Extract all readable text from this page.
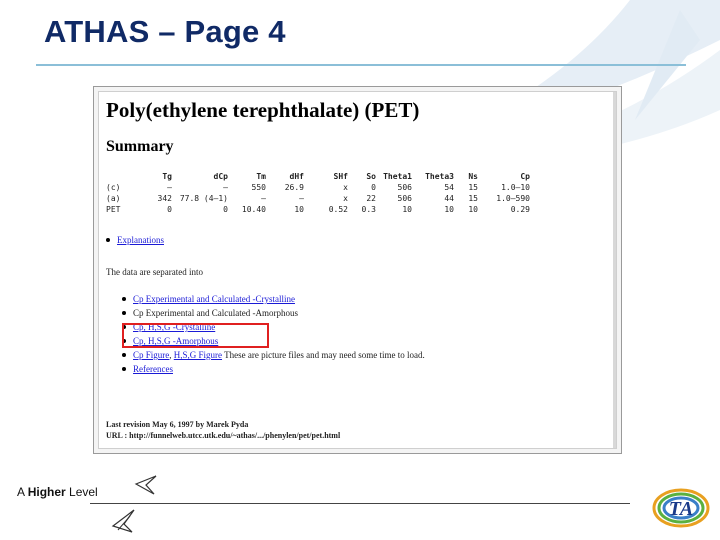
ATHAS – Page 4
Poly(ethylene terephthalate) (PET)
Summary
	Tg	dCp	Tm	dHf	SHf	So	Theta1	Theta3	Ns	Cp
(c)	–	–	550	26.9	x	0	506	54	15	1.0–10
(a)	342	77.8 (4–1)	–	–	x	22	506	44	15	1.0–590
PET	0	0	10.40	10	0.52	0.3	10	10	10	0.29
Explanations
The data are separated into
Cp Experimental and Calculated -Crystalline
Cp Experimental and Calculated -Amorphous
Cp, H,S,G -Crystalline
Cp, H,S,G -Amorphous
Cp Figure, H,S,G Figure These are picture files and may need some time to load.
References
Last revision May 6, 1997 by Marek Pyda
URL : http://funnelweb.utcc.utk.edu/~athas/.../phenylen/pet/pet.html
A Higher Level
TA
